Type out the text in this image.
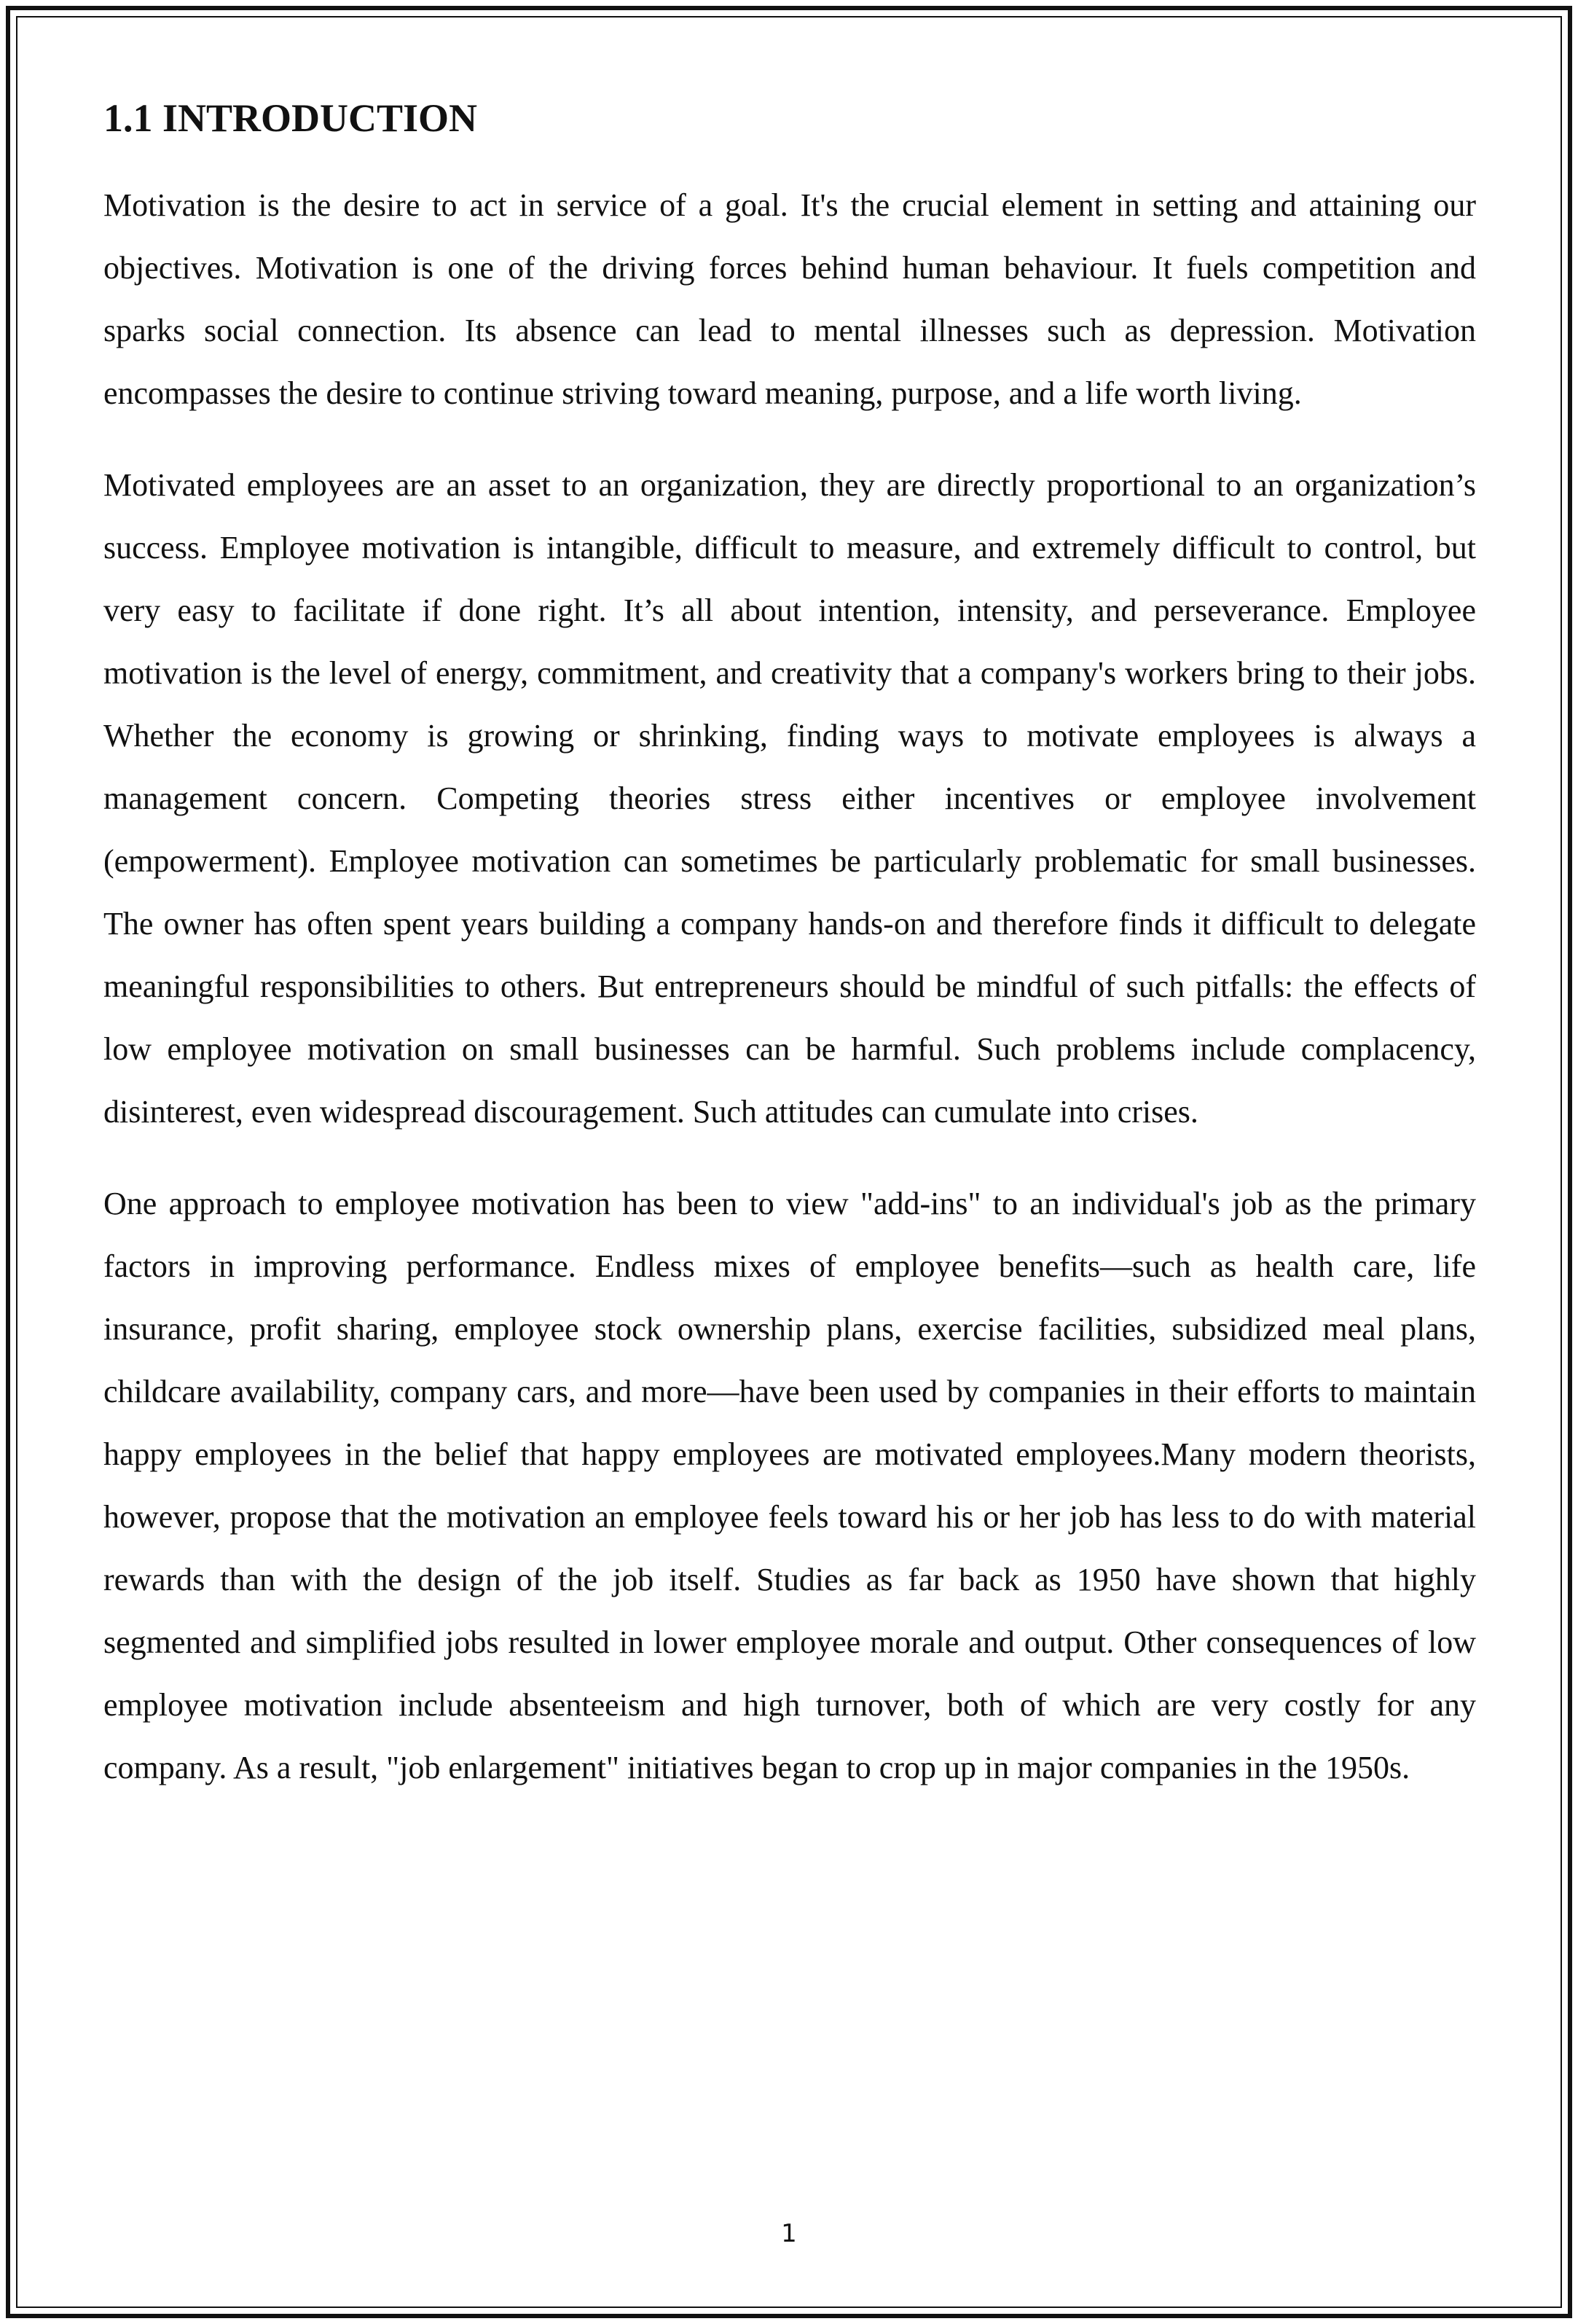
1.1 INTRODUCTION

Motivation is the desire to act in service of a goal. It's the crucial element in setting and attaining our objectives. Motivation is one of the driving forces behind human behaviour. It fuels competition and sparks social connection. Its absence can lead to mental illnesses such as depression. Motivation encompasses the desire to continue striving toward meaning, purpose, and a life worth living.

Motivated employees are an asset to an organization, they are directly proportional to an organization’s success. Employee motivation is intangible, difficult to measure, and extremely difficult to control, but very easy to facilitate if done right. It’s all about intention, intensity, and perseverance. Employee motivation is the level of energy, commitment, and creativity that a company's workers bring to their jobs. Whether the economy is growing or shrinking, finding ways to motivate employees is always a management concern. Competing theories stress either incentives or employee involvement (empowerment). Employee motivation can sometimes be particularly problematic for small businesses. The owner has often spent years building a company hands-on and therefore finds it difficult to delegate meaningful responsibilities to others. But entrepreneurs should be mindful of such pitfalls: the effects of low employee motivation on small businesses can be harmful. Such problems include complacency, disinterest, even widespread discouragement. Such attitudes can cumulate into crises.

One approach to employee motivation has been to view "add-ins" to an individual's job as the primary factors in improving performance. Endless mixes of employee benefits—such as health care, life insurance, profit sharing, employee stock ownership plans, exercise facilities, subsidized meal plans, childcare availability, company cars, and more—have been used by companies in their efforts to maintain happy employees in the belief that happy employees are motivated employees.Many modern theorists, however, propose that the motivation an employee feels toward his or her job has less to do with material rewards than with the design of the job itself. Studies as far back as 1950 have shown that highly segmented and simplified jobs resulted in lower employee morale and output. Other consequences of low employee motivation include absenteeism and high turnover, both of which are very costly for any company. As a result, "job enlargement" initiatives began to crop up in major companies in the 1950s.

1
